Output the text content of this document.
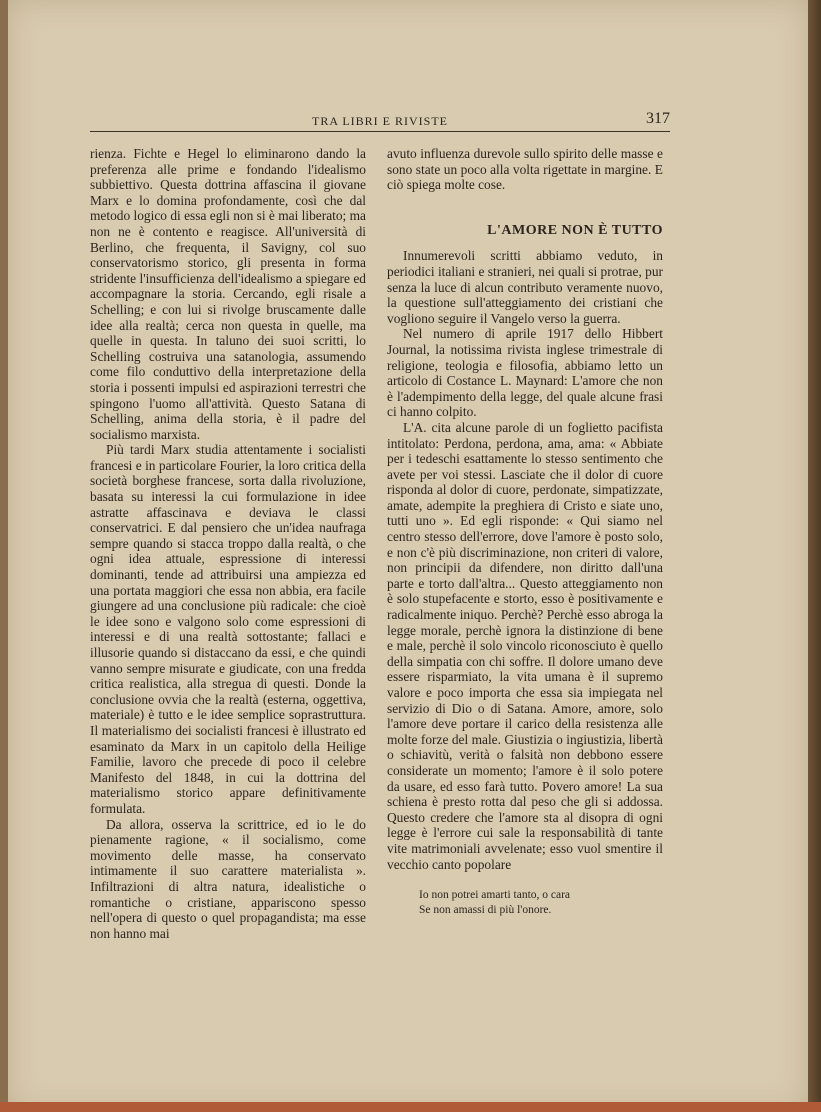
TRA LIBRI E RIVISTE	317

rienza. Fichte e Hegel lo eliminarono dando la preferenza alle prime e fondando l'idealismo subbiettivo. Questa dottrina affascina il giovane Marx e lo domina profondamente, così che dal metodo logico di essa egli non si è mai liberato; ma non ne è contento e reagisce. All'università di Berlino, che frequenta, il Savigny, col suo conservatorismo storico, gli presenta in forma stridente l'insufficienza dell'idealismo a spiegare ed accompagnare la storia. Cercando, egli risale a Schelling; e con lui si rivolge bruscamente dalle idee alla realtà; cerca non questa in quelle, ma quelle in questa. In taluno dei suoi scritti, lo Schelling costruiva una satanologia, assumendo come filo conduttivo della interpretazione della storia i possenti impulsi ed aspirazioni terrestri che spingono l'uomo all'attività. Questo Satana di Schelling, anima della storia, è il padre del socialismo marxista.

Più tardi Marx studia attentamente i socialisti francesi e in particolare Fourier, la loro critica della società borghese francese, sorta dalla rivoluzione, basata su interessi la cui formulazione in idee astratte affascinava e deviava le classi conservatrici. E dal pensiero che un'idea naufraga sempre quando si stacca troppo dalla realtà, o che ogni idea attuale, espressione di interessi dominanti, tende ad attribuirsi una ampiezza ed una portata maggiori che essa non abbia, era facile giungere ad una conclusione più radicale: che cioè le idee sono e valgono solo come espressioni di interessi e di una realtà sottostante; fallaci e illusorie quando si distaccano da essi, e che quindi vanno sempre misurate e giudicate, con una fredda critica realistica, alla stregua di questi. Donde la conclusione ovvia che la realtà (esterna, oggettiva, materiale) è tutto e le idee semplice soprastruttura. Il materialismo dei socialisti francesi è illustrato ed esaminato da Marx in un capitolo della Heilige Familie, lavoro che precede di poco il celebre Manifesto del 1848, in cui la dottrina del materialismo storico appare definitivamente formulata.

Da allora, osserva la scrittrice, ed io le do pienamente ragione, « il socialismo, come movimento delle masse, ha conservato intimamente il suo carattere materialista ». Infiltrazioni di altra natura, idealistiche o romantiche o cristiane, appariscono spesso nell'opera di questo o quel propagandista; ma esse non hanno mai

avuto influenza durevole sullo spirito delle masse e sono state un poco alla volta rigettate in margine. E ciò spiega molte cose.

L'AMORE NON È TUTTO

Innumerevoli scritti abbiamo veduto, in periodici italiani e stranieri, nei quali si protrae, pur senza la luce di alcun contributo veramente nuovo, la questione sull'atteggiamento dei cristiani che vogliono seguire il Vangelo verso la guerra.

Nel numero di aprile 1917 dello Hibbert Journal, la notissima rivista inglese trimestrale di religione, teologia e filosofia, abbiamo letto un articolo di Costance L. Maynard: L'amore che non è l'adempimento della legge, del quale alcune frasi ci hanno colpito.

L'A. cita alcune parole di un foglietto pacifista intitolato: Perdona, perdona, ama, ama: « Abbiate per i tedeschi esattamente lo stesso sentimento che avete per voi stessi. Lasciate che il dolor di cuore risponda al dolor di cuore, perdonate, simpatizzate, amate, adempite la preghiera di Cristo e siate uno, tutti uno ». Ed egli risponde: « Qui siamo nel centro stesso dell'errore, dove l'amore è posto solo, e non c'è più discriminazione, non criteri di valore, non principii da difendere, non diritto dall'una parte e torto dall'altra... Questo atteggiamento non è solo stupefacente e storto, esso è positivamente e radicalmente iniquo. Perchè? Perchè esso abroga la legge morale, perchè ignora la distinzione di bene e male, perchè il solo vincolo riconosciuto è quello della simpatia con chi soffre. Il dolore umano deve essere risparmiato, la vita umana è il supremo valore e poco importa che essa sia impiegata nel servizio di Dio o di Satana. Amore, amore, solo l'amore deve portare il carico della resistenza alle molte forze del male. Giustizia o ingiustizia, libertà o schiavitù, verità o falsità non debbono essere considerate un momento; l'amore è il solo potere da usare, ed esso farà tutto. Povero amore! La sua schiena è presto rotta dal peso che gli si addossa. Questo credere che l'amore sta al disopra di ogni legge è l'errore cui sale la responsabilità di tante vite matrimoniali avvelenate; esso vuol smentire il vecchio canto popolare

Io non potrei amarti tanto, o cara
Se non amassi di più l'onore.
